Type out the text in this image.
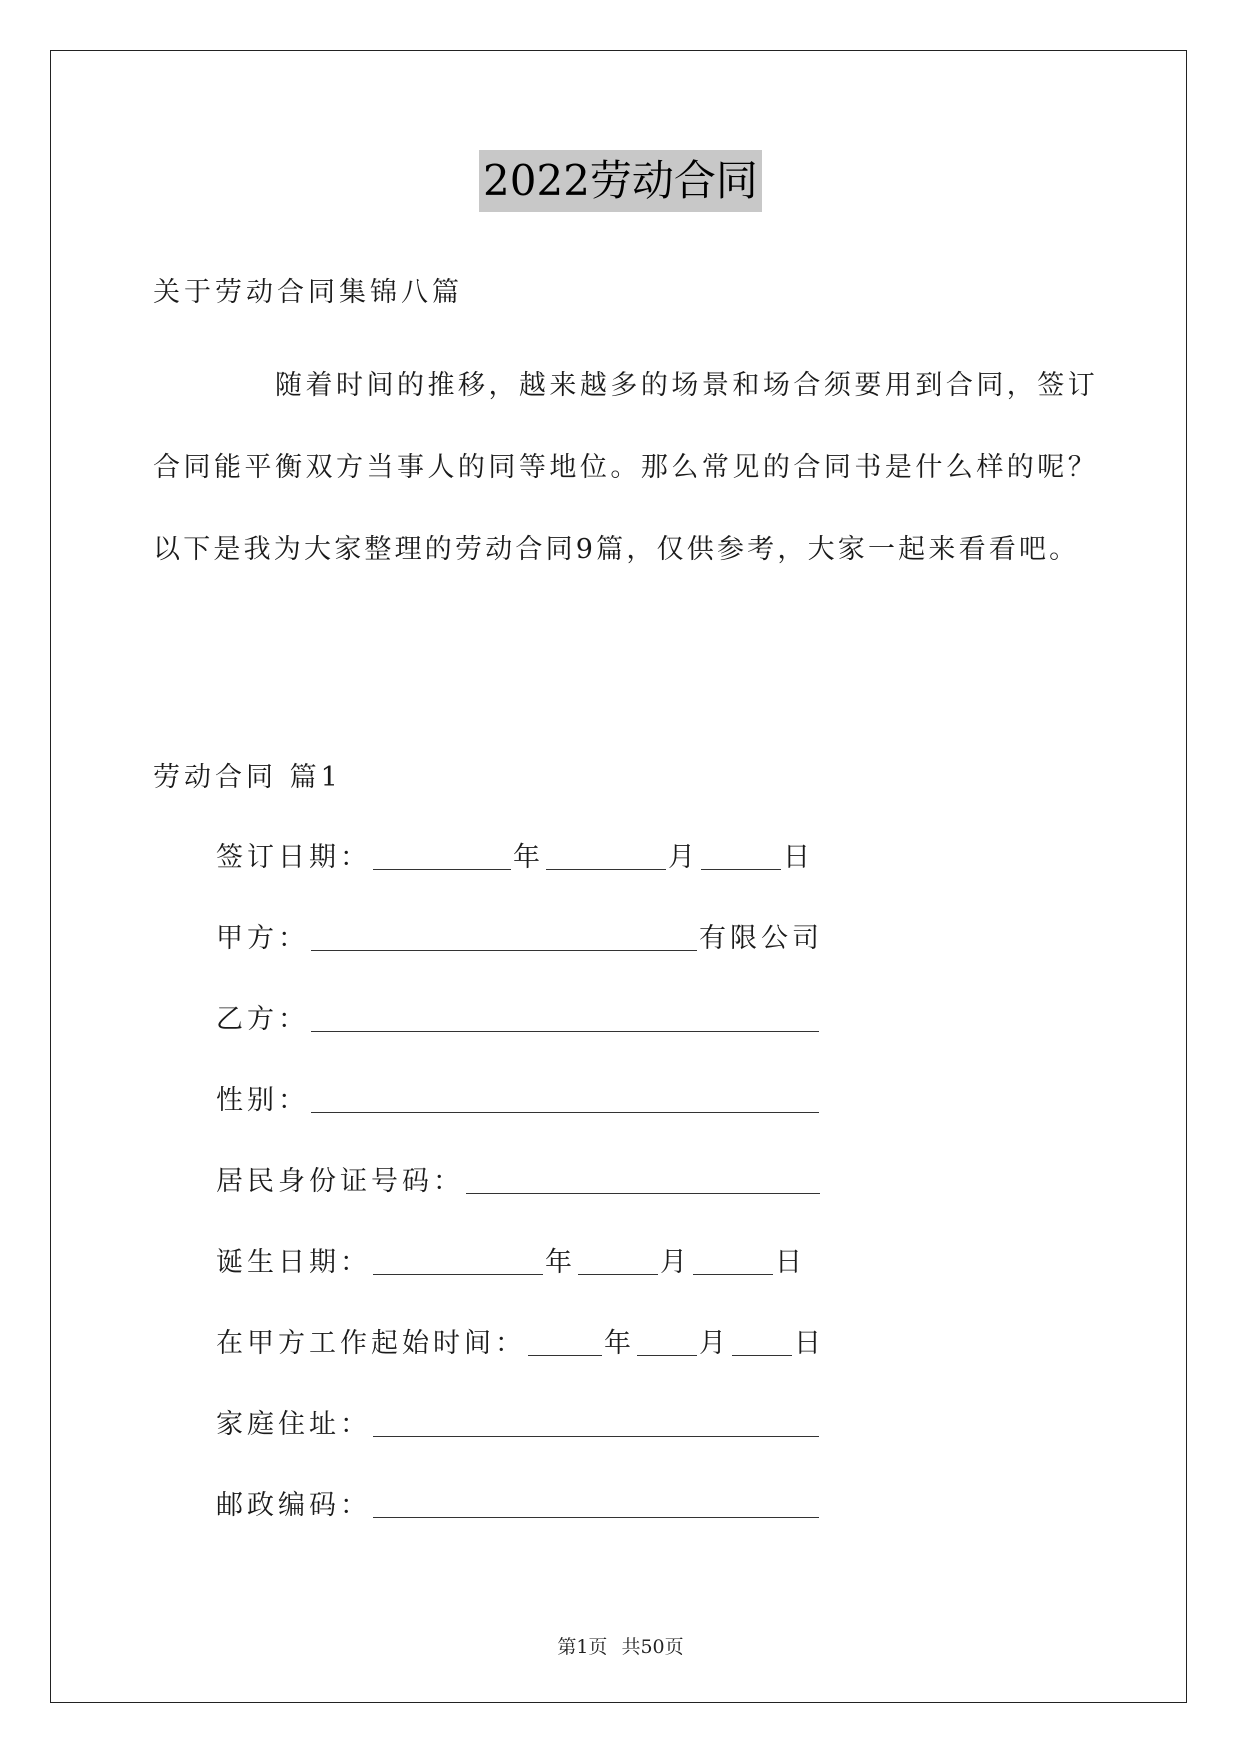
2022劳动合同
关于劳动合同集锦八篇
随着时间的推移，越来越多的场景和场合须要用到合同，签订合同能平衡双方当事人的同等地位。那么常见的合同书是什么样的呢？以下是我为大家整理的劳动合同9篇，仅供参考，大家一起来看看吧。
劳动合同 篇1
签订日期：	年	月	日
甲方：	有限公司
乙方：
性别：
居民身份证号码：
诞生日期：	年	月	日
在甲方工作起始时间：	年 月 日
家庭住址：
邮政编码：
第1页 共50页
